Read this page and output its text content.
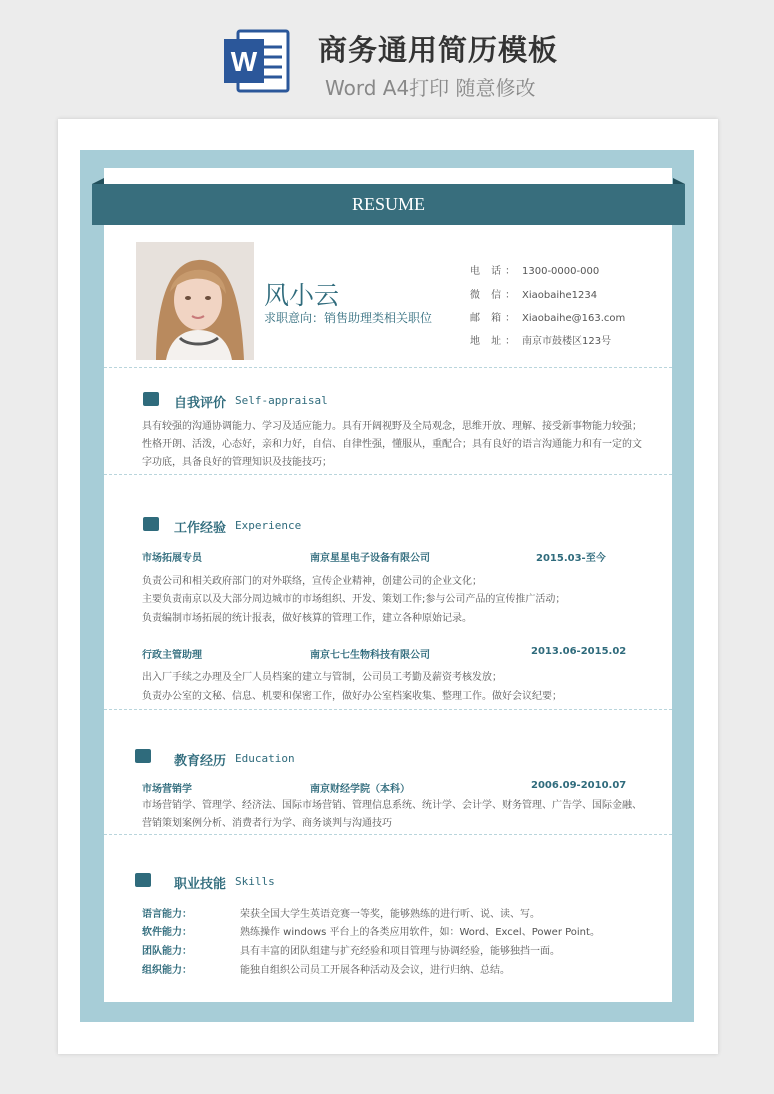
W 商务通用简历模板
Word A4打印 随意修改
RESUME
风小云
求职意向：销售助理类相关职位
电 话： 1300-0000-000
微 信： Xiaobaihe1234
邮 箱： Xiaobaihe@163.com
地 址： 南京市鼓楼区123号
自我评价 Self-appraisal
具有较强的沟通协调能力、学习及适应能力。具有开阔视野及全局观念，思维开放、理解、接受新事物能力较强； 性格开朗、活泼，心态好，亲和力好，自信、自律性强，懂服从，重配合；具有良好的语言沟通能力和有一定的文字功底，具备良好的管理知识及技能技巧；
工作经验 Experience
市场拓展专员	南京星星电子设备有限公司	2015.03-至今
负责公司和相关政府部门的对外联络，宣传企业精神，创建公司的企业文化；
主要负责南京以及大部分周边城市的市场组织、开发、策划工作;参与公司产品的宣传推广活动；
负责编制市场拓展的统计报表，做好核算的管理工作，建立各种原始记录。
行政主管助理	南京七七生物科技有限公司	2013.06-2015.02
出入厂手续之办理及全厂人员档案的建立与管制，公司员工考勤及薪资考核发放；
负责办公室的文秘、信息、机要和保密工作，做好办公室档案收集、整理工作。做好会议纪要；
教育经历 Education
市场营销学	南京财经学院（本科）	2006.09-2010.07
市场营销学、管理学、经济法、国际市场营销、管理信息系统、统计学、会计学、财务管理、广告学、国际金融、营销策划案例分析、消费者行为学、商务谈判与沟通技巧
职业技能 Skills
语言能力：	荣获全国大学生英语竞赛一等奖，能够熟练的进行听、说、读、写。
软件能力：	熟练操作 windows 平台上的各类应用软件，如：Word、Excel、Power Point。
团队能力：	具有丰富的团队组建与扩充经验和项目管理与协调经验，能够独挡一面。
组织能力：	能独自组织公司员工开展各种活动及会议，进行归纳、总结。
